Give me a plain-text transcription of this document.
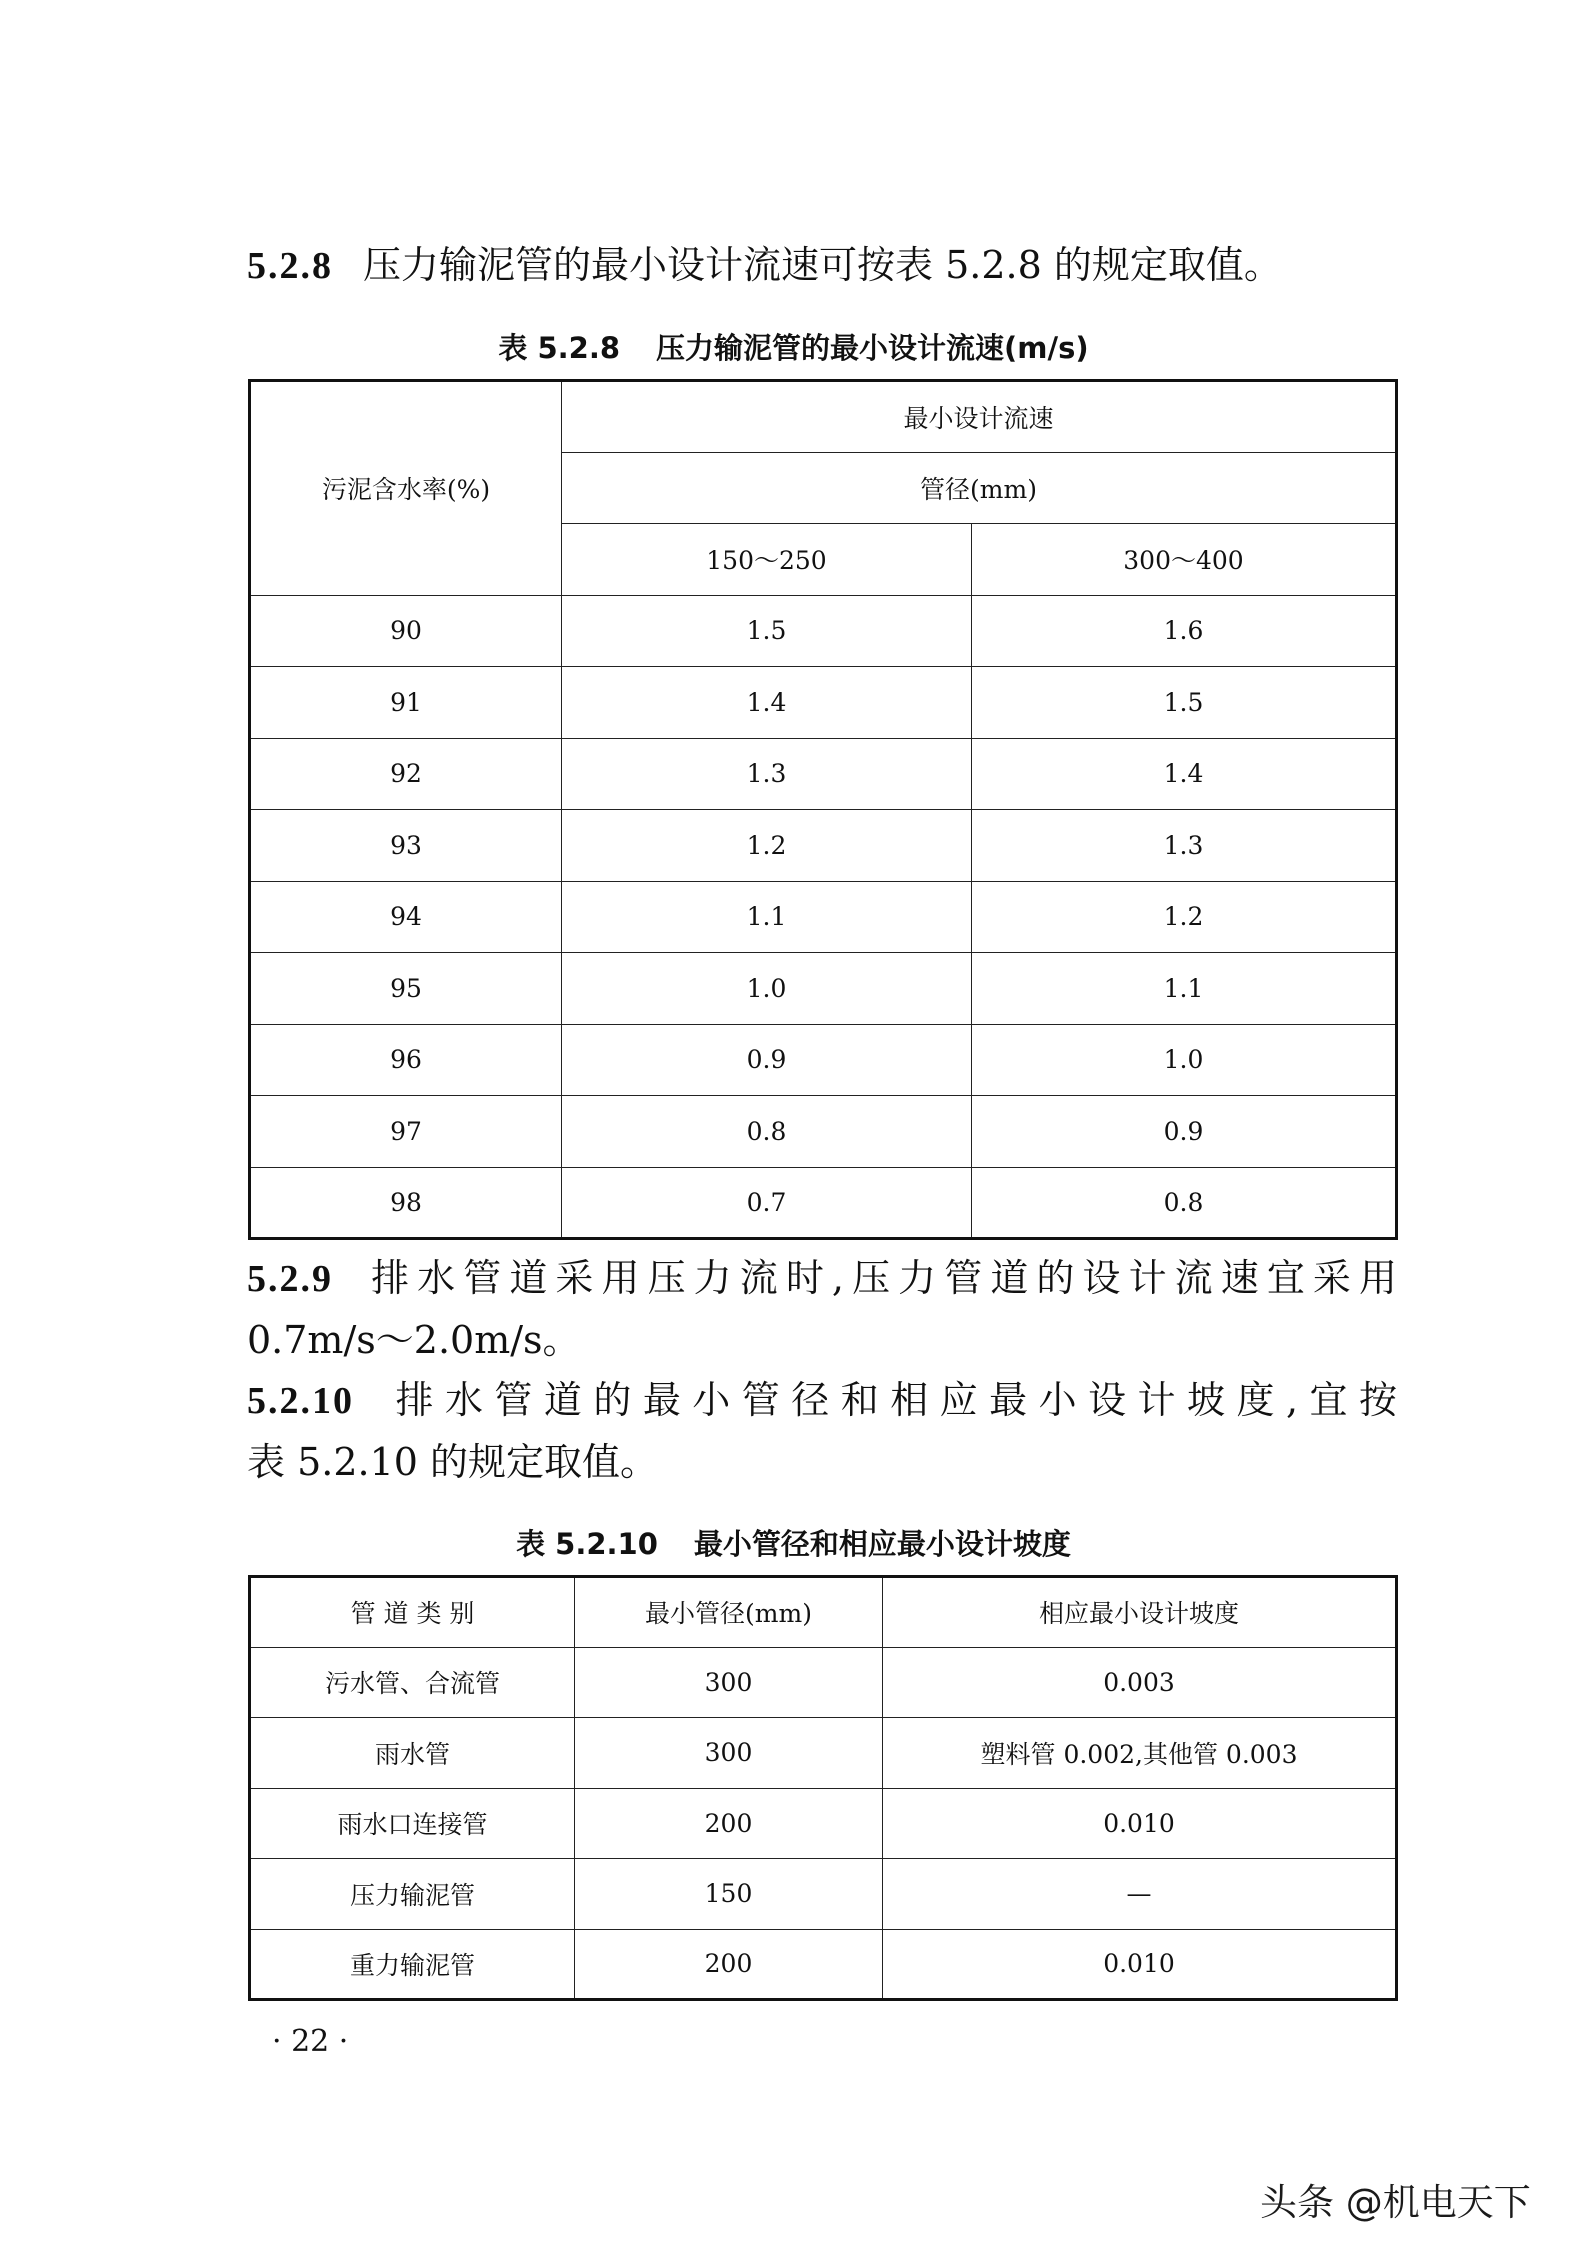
5.2.8 压力输泥管的最小设计流速可按表 5.2.8 的规定取值。

表 5.2.8 压力输泥管的最小设计流速(m/s)
污泥含水率(%)	最小设计流速	
	管径(mm)	
	150～250	300～400
90	1.5	1.6
91	1.4	1.5
92	1.3	1.4
93	1.2	1.3
94	1.1	1.2
95	1.0	1.1
96	0.9	1.0
97	0.8	0.9
98	0.7	0.8
5.2.9 排水管道采用压力流时,压力管道的设计流速宜采用
0.7m/s～2.0m/s。
5.2.10 排水管道的最小管径和相应最小设计坡度,宜按
表 5.2.10 的规定取值。
表 5.2.10 最小管径和相应最小设计坡度
管 道 类 别	最小管径(mm)	相应最小设计坡度
污水管、合流管	300	0.003
雨水管	300	塑料管 0.002,其他管 0.003
雨水口连接管	200	0.010
压力输泥管	150	—
重力输泥管	200	0.010
· 22 ·
头条 @机电天下
